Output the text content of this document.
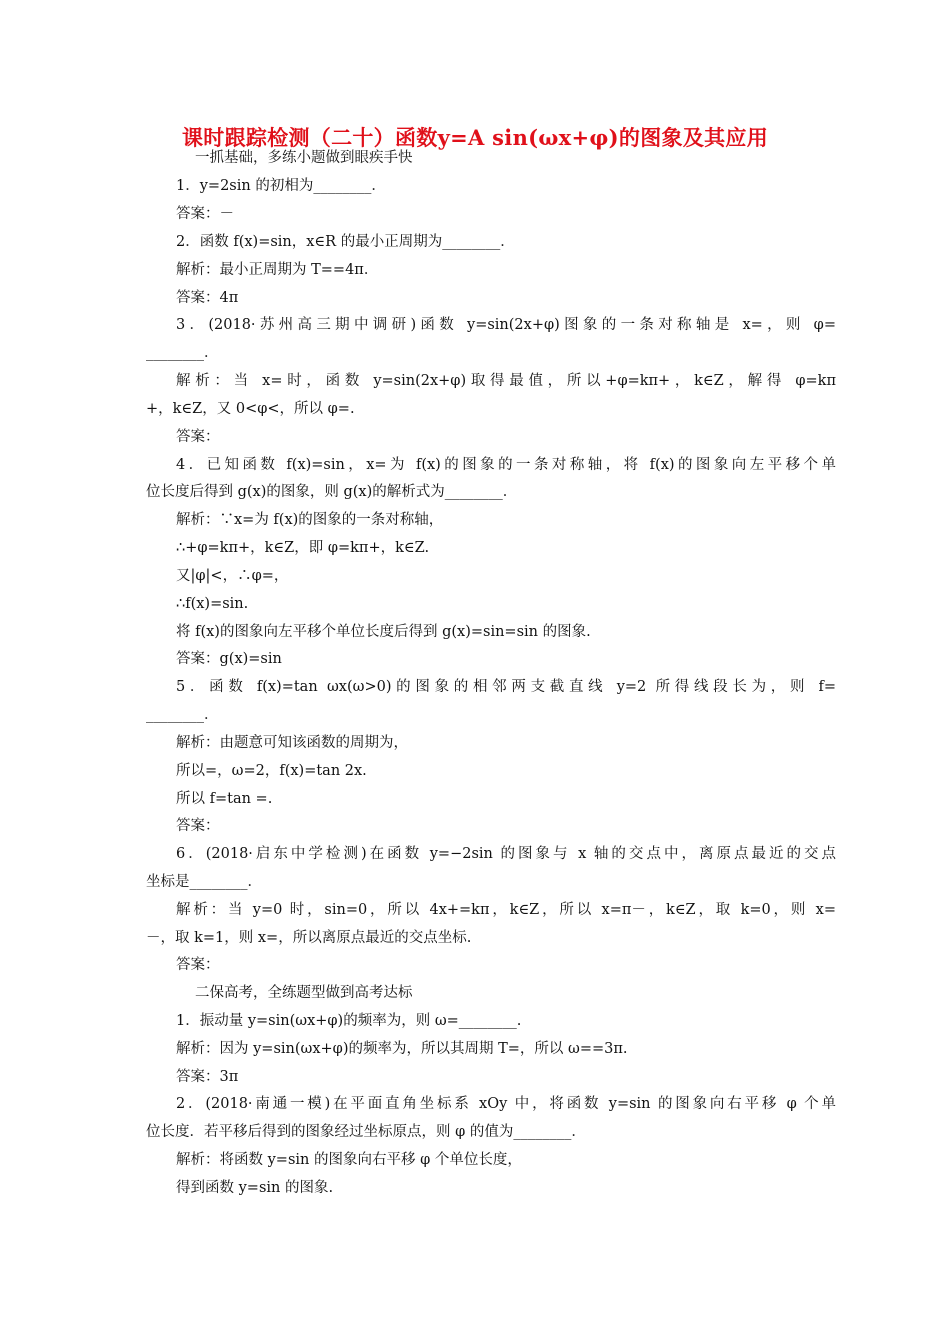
课时跟踪检测（二十）函数y=A sin(ωx+φ)的图象及其应用
一抓基础，多练小题做到眼疾手快
1．y=2sin 的初相为________．
答案：－
2．函数 f(x)=sin，x∈R 的最小正周期为________．
解析：最小正周期为 T==4π．
答案：4π
3．(2018·苏州高三期中调研)函数 y=sin(2x+φ)图象的一条对称轴是 x=，则 φ=
________．
解析：当 x=时，函数 y=sin(2x+φ)取得最值，所以+φ=kπ+，k∈Z，解得 φ=kπ
+，k∈Z，又 0<φ<，所以 φ=.
答案：
4．已知函数 f(x)=sin，x=为 f(x)的图象的一条对称轴，将 f(x)的图象向左平移个单
位长度后得到 g(x)的图象，则 g(x)的解析式为________．
解析：∵x=为 f(x)的图象的一条对称轴，
∴+φ=kπ+，k∈Z，即 φ=kπ+，k∈Z.
又|φ|<，∴φ=，
∴f(x)=sin.
将 f(x)的图象向左平移个单位长度后得到 g(x)=sin=sin 的图象.
答案：g(x)=sin
5．函数 f(x)=tan ωx(ω>0)的图象的相邻两支截直线 y=2 所得线段长为，则 f=
________．
解析：由题意可知该函数的周期为，
所以=，ω=2，f(x)=tan 2x.
所以 f=tan =.
答案：
6．(2018·启东中学检测)在函数 y=−2sin 的图象与 x 轴的交点中，离原点最近的交点
坐标是________．
解析：当 y=0 时，sin=0，所以 4x+=kπ，k∈Z，所以 x=π－，k∈Z，取 k=0，则 x=
－，取 k=1，则 x=，所以离原点最近的交点坐标.
答案：
二保高考，全练题型做到高考达标
1．振动量 y=sin(ωx+φ)的频率为，则 ω=________.
解析：因为 y=sin(ωx+φ)的频率为，所以其周期 T=，所以 ω==3π.
答案：3π
2．(2018·南通一模)在平面直角坐标系 xOy 中，将函数 y=sin 的图象向右平移 φ 个单
位长度．若平移后得到的图象经过坐标原点，则 φ 的值为________．
解析：将函数 y=sin 的图象向右平移 φ 个单位长度，
得到函数 y=sin 的图象.
